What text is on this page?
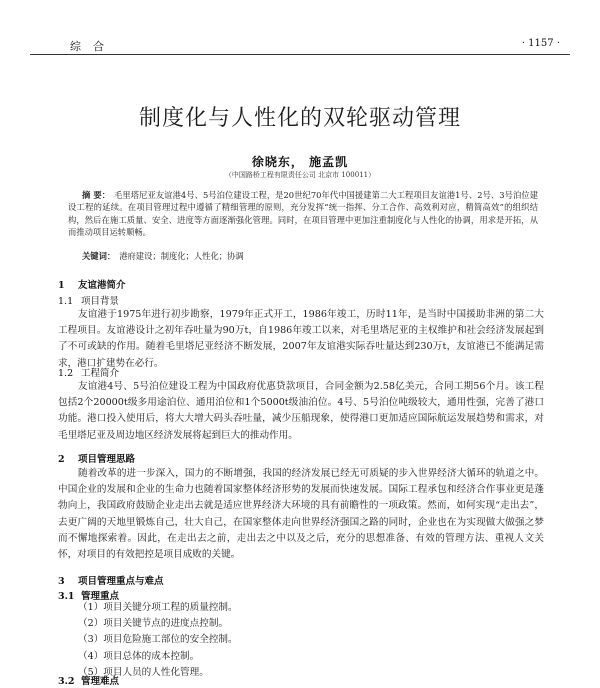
综合	· 1157 ·
制度化与人性化的双轮驱动管理
徐晓东， 施孟凯
（中国路桥工程有限责任公司 北京市 100011）
摘 要： 毛里塔尼亚友谊港4号、5号泊位建设工程，是20世纪70年代中国援建第二大工程项目友谊港1号、2号、3号泊位建设工程的延续。在项目管理过程中遵循了精细管理的原则，充分发挥“统一指挥、分工合作、高效利对应，精简高效”的组织结构，然后在施工质量、安全、进度等方面逐渐强化管理。同时，在项目管理中更加注重制度化与人性化的协调，用求是开拓，从而推动项目运转顺畅。
关键词： 港府建设；制度化；人性化；协调
1 友谊港简介
1.1 项目背景
友谊港于1975年进行初步勘察，1979年正式开工，1986年竣工，历时11年，是当时中国援助非洲的第二大工程项目。友谊港设计之初年吞吐量为90万t，自1986年竣工以来，对毛里塔尼亚的主权维护和社会经济发展起到了不可或缺的作用。随着毛里塔尼亚经济不断发展，2007年友谊港实际吞吐量达到230万t，友谊港已不能满足需求，港口扩建势在必行。
1.2 工程简介
友谊港4号、5号泊位建设工程为中国政府优惠贷款项目，合同金额为2.58亿美元，合同工期56个月。该工程包括2个20000t级多用途泊位、通用泊位和1个5000t级油泊位。4号、5号泊位吨级较大，通用性强，完善了港口功能。港口投入使用后，将大大增大码头吞吐量，减少压船现象，使得港口更加适应国际航运发展趋势和需求，对毛里塔尼亚及周边地区经济发展将起到巨大的推动作用。
2 项目管理思路
随着改革的进一步深入，国力的不断增强，我国的经济发展已经无可质疑的步入世界经济大循环的轨道之中。中国企业的发展和企业的生命力也随着国家整体经济形势的发展而快速发展。国际工程承包和经济合作事业更是蓬勃向上，我国政府鼓励企业走出去就是适应世界经济大环境的具有前瞻性的一项政策。然而，如何实现“走出去”，去更广阔的天地里锻炼自己，壮大自己，在国家整体走向世界经济强国之路的同时，企业也在为实现做大做强之梦而不懈地探索着。因此，在走出去之前，走出去之中以及之后，充分的思想准备、有效的管理方法、重视人文关怀，对项目的有效把控是项目成败的关键。
3 项目管理重点与难点
3.1 管理重点
（1）项目关键分项工程的质量控制。
（2）项目关键节点的进度点控制。
（3）项目危险施工部位的安全控制。
（4）项目总体的成本控制。
（5）项目人员的人性化管理。
3.2 管理难点
